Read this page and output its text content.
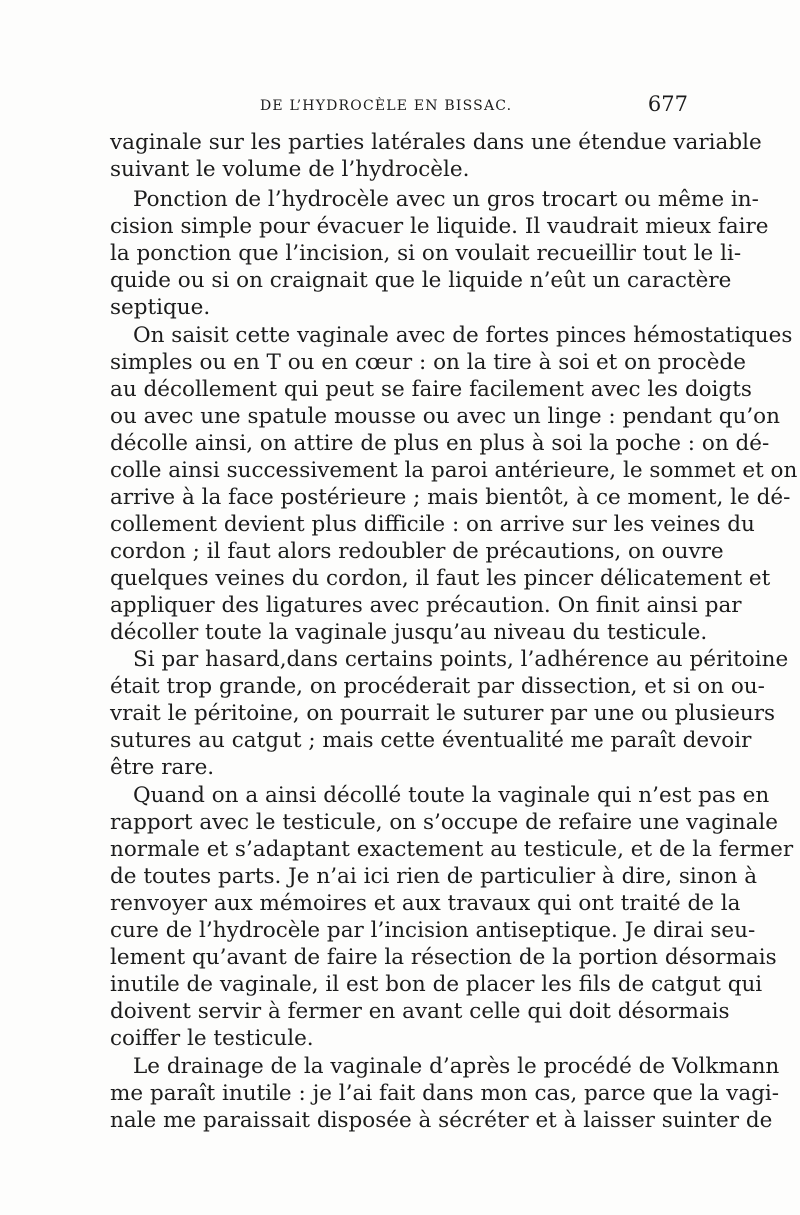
DE L’HYDROCÈLE EN BISSAC.	677
vaginale sur les parties latérales dans une étendue variable
suivant le volume de l’hydrocèle.
Ponction de l’hydrocèle avec un gros trocart ou même in-
cision simple pour évacuer le liquide. Il vaudrait mieux faire
la ponction que l’incision, si on voulait recueillir tout le li-
quide ou si on craignait que le liquide n’eût un caractère
septique.
On saisit cette vaginale avec de fortes pinces hémostatiques
simples ou en T ou en cœur : on la tire à soi et on procède
au décollement qui peut se faire facilement avec les doigts
ou avec une spatule mousse ou avec un linge : pendant qu’on
décolle ainsi, on attire de plus en plus à soi la poche : on dé-
colle ainsi successivement la paroi antérieure, le sommet et on
arrive à la face postérieure ; mais bientôt, à ce moment, le dé-
collement devient plus difficile : on arrive sur les veines du
cordon ; il faut alors redoubler de précautions, on ouvre
quelques veines du cordon, il faut les pincer délicatement et
appliquer des ligatures avec précaution. On finit ainsi par
décoller toute la vaginale jusqu’au niveau du testicule.
Si par hasard,dans certains points, l’adhérence au péritoine
était trop grande, on procéderait par dissection, et si on ou-
vrait le péritoine, on pourrait le suturer par une ou plusieurs
sutures au catgut ; mais cette éventualité me paraît devoir
être rare.
Quand on a ainsi décollé toute la vaginale qui n’est pas en
rapport avec le testicule, on s’occupe de refaire une vaginale
normale et s’adaptant exactement au testicule, et de la fermer
de toutes parts. Je n’ai ici rien de particulier à dire, sinon à
renvoyer aux mémoires et aux travaux qui ont traité de la
cure de l’hydrocèle par l’incision antiseptique. Je dirai seu-
lement qu’avant de faire la résection de la portion désormais
inutile de vaginale, il est bon de placer les fils de catgut qui
doivent servir à fermer en avant celle qui doit désormais
coiffer le testicule.
Le drainage de la vaginale d’après le procédé de Volkmann
me paraît inutile : je l’ai fait dans mon cas, parce que la vagi-
nale me paraissait disposée à sécréter et à laisser suinter de
